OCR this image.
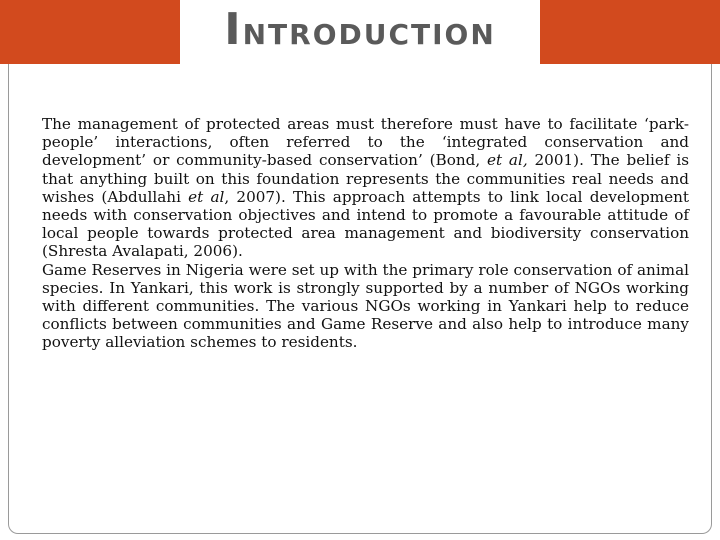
INTRODUCTION

The management of protected areas must therefore must have to facilitate ‘park-people’ interactions, often referred to the ‘integrated conservation and development’ or community-based conservation’ (Bond, et al, 2001). The belief is that anything built on this foundation represents the communities real needs and wishes (Abdullahi et al, 2007). This approach attempts to link local development needs with conservation objectives and intend to promote a favourable attitude of local people towards protected area management and biodiversity conservation (Shresta Avalapati, 2006).

Game Reserves in Nigeria were set up with the primary role conservation of animal species. In Yankari, this work is strongly supported by a number of NGOs working with different communities. The various NGOs working in Yankari help to reduce conflicts between communities and Game Reserve and also help to introduce many poverty alleviation schemes to residents.
